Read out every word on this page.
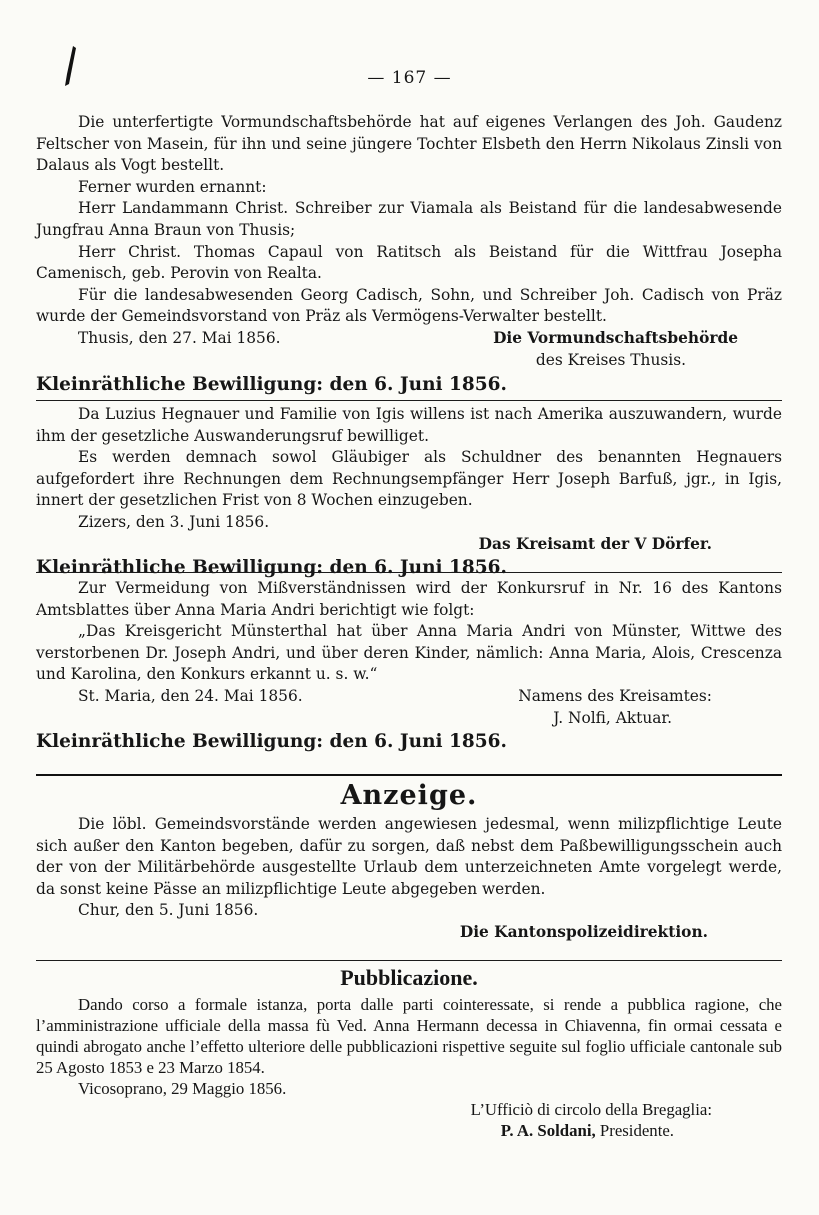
— 167 —

Die unterfertigte Vormundschaftsbehörde hat auf eigenes Verlangen des Joh. Gaudenz Feltscher von Masein, für ihn und seine jüngere Tochter Elsbeth den Herrn Nikolaus Zinsli von Dalaus als Vogt bestellt.

Ferner wurden ernannt:

Herr Landammann Christ. Schreiber zur Viamala als Beistand für die landesabwesende Jungfrau Anna Braun von Thusis;

Herr Christ. Thomas Capaul von Ratitsch als Beistand für die Wittfrau Josepha Camenisch, geb. Perovin von Realta.

Für die landesabwesenden Georg Cadisch, Sohn, und Schreiber Joh. Cadisch von Präz wurde der Gemeindsvorstand von Präz als Vermögens-Verwalter bestellt.

Thusis, den 27. Mai 1856.	Die Vormundschaftsbehörde
des Kreises Thusis.

Kleinräthliche Bewilligung: den 6. Juni 1856.

Da Luzius Hegnauer und Familie von Igis willens ist nach Amerika auszuwandern, wurde ihm der gesetzliche Auswanderungsruf bewilliget.

Es werden demnach sowol Gläubiger als Schuldner des benannten Hegnauers aufgefordert ihre Rechnungen dem Rechnungsempfänger Herr Joseph Barfuß, jgr., in Igis, innert der gesetzlichen Frist von 8 Wochen einzugeben.

Zizers, den 3. Juni 1856.

Das Kreisamt der V Dörfer.

Kleinräthliche Bewilligung: den 6. Juni 1856.

Zur Vermeidung von Mißverständnissen wird der Konkursruf in Nr. 16 des Kantons Amtsblattes über Anna Maria Andri berichtigt wie folgt:

„Das Kreisgericht Münsterthal hat über Anna Maria Andri von Münster, Wittwe des verstorbenen Dr. Joseph Andri, und über deren Kinder, nämlich: Anna Maria, Alois, Crescenza und Karolina, den Konkurs erkannt u. s. w.“

St. Maria, den 24. Mai 1856.	Namens des Kreisamtes:
J. Nolfi, Aktuar.

Kleinräthliche Bewilligung: den 6. Juni 1856.

Anzeige.

Die löbl. Gemeindsvorstände werden angewiesen jedesmal, wenn milizpflichtige Leute sich außer den Kanton begeben, dafür zu sorgen, daß nebst dem Paßbewilligungsschein auch der von der Militärbehörde ausgestellte Urlaub dem unterzeichneten Amte vorgelegt werde, da sonst keine Pässe an milizpflichtige Leute abgegeben werden.

Chur, den 5. Juni 1856.

Die Kantonspolizeidirektion.
Pubblicazione.

Dando corso a formale istanza, porta dalle parti cointeressate, si rende a pubblica ragione, che l’amministrazione ufficiale della massa fù Ved. Anna Hermann decessa in Chiavenna, fin ormai cessata e quindi abrogato anche l’effetto ulteriore delle pubblicazioni rispettive seguite sul foglio ufficiale cantonale sub 25 Agosto 1853 e 23 Marzo 1854.

Vicosoprano, 29 Maggio 1856.

L’Ufficiò di circolo della Bregaglia:
P. A. Soldani, Presidente.
